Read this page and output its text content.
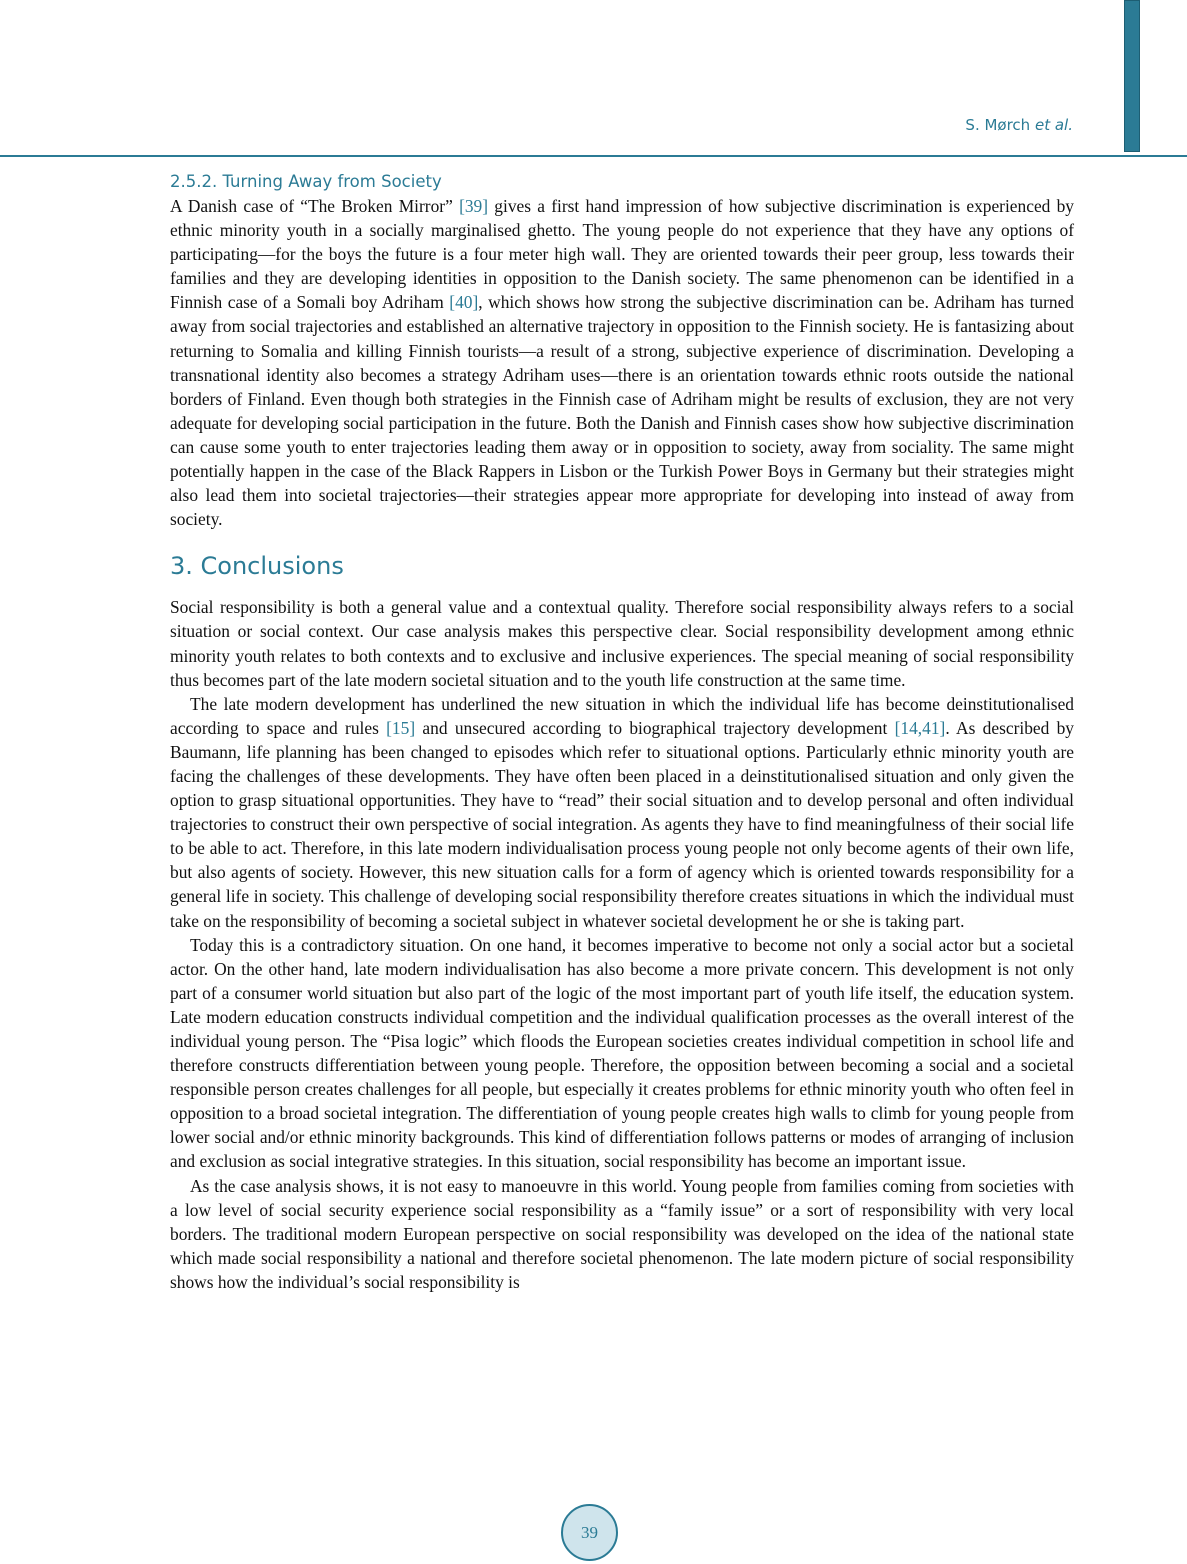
S. Mørch et al.
2.5.2. Turning Away from Society

A Danish case of “The Broken Mirror” [39] gives a first hand impression of how subjective discrimination is experienced by ethnic minority youth in a socially marginalised ghetto. The young people do not experience that they have any options of participating—for the boys the future is a four meter high wall. They are oriented towards their peer group, less towards their families and they are developing identities in opposition to the Danish society. The same phenomenon can be identified in a Finnish case of a Somali boy Adriham [40], which shows how strong the subjective discrimination can be. Adriham has turned away from social trajectories and established an alternative trajectory in opposition to the Finnish society. He is fantasizing about returning to Somalia and killing Finnish tourists—a result of a strong, subjective experience of discrimination. Developing a transnational identity also becomes a strategy Adriham uses—there is an orientation towards ethnic roots outside the national borders of Finland. Even though both strategies in the Finnish case of Adriham might be results of exclusion, they are not very adequate for developing social participation in the future. Both the Danish and Finnish cases show how subjective discrimination can cause some youth to enter trajectories leading them away or in opposition to society, away from sociality. The same might potentially happen in the case of the Black Rappers in Lisbon or the Turkish Power Boys in Germany but their strategies might also lead them into societal trajectories—their strategies appear more appropriate for developing into instead of away from society.

3. Conclusions

Social responsibility is both a general value and a contextual quality. Therefore social responsibility always refers to a social situation or social context. Our case analysis makes this perspective clear. Social responsibility development among ethnic minority youth relates to both contexts and to exclusive and inclusive experiences. The special meaning of social responsibility thus becomes part of the late modern societal situation and to the youth life construction at the same time.

The late modern development has underlined the new situation in which the individual life has become deinstitutionalised according to space and rules [15] and unsecured according to biographical trajectory development [14,41]. As described by Baumann, life planning has been changed to episodes which refer to situational options. Particularly ethnic minority youth are facing the challenges of these developments. They have often been placed in a deinstitutionalised situation and only given the option to grasp situational opportunities. They have to “read” their social situation and to develop personal and often individual trajectories to construct their own perspective of social integration. As agents they have to find meaningfulness of their social life to be able to act. Therefore, in this late modern individualisation process young people not only become agents of their own life, but also agents of society. However, this new situation calls for a form of agency which is oriented towards responsibility for a general life in society. This challenge of developing social responsibility therefore creates situations in which the individual must take on the responsibility of becoming a societal subject in whatever societal development he or she is taking part.

Today this is a contradictory situation. On one hand, it becomes imperative to become not only a social actor but a societal actor. On the other hand, late modern individualisation has also become a more private concern. This development is not only part of a consumer world situation but also part of the logic of the most important part of youth life itself, the education system. Late modern education constructs individual competition and the individual qualification processes as the overall interest of the individual young person. The “Pisa logic” which floods the European societies creates individual competition in school life and therefore constructs differentiation between young people. Therefore, the opposition between becoming a social and a societal responsible person creates challenges for all people, but especially it creates problems for ethnic minority youth who often feel in opposition to a broad societal integration. The differentiation of young people creates high walls to climb for young people from lower social and/or ethnic minority backgrounds. This kind of differentiation follows patterns or modes of arranging of inclusion and exclusion as social integrative strategies. In this situation, social responsibility has become an important issue.

As the case analysis shows, it is not easy to manoeuvre in this world. Young people from families coming from societies with a low level of social security experience social responsibility as a “family issue” or a sort of responsibility with very local borders. The traditional modern European perspective on social responsibility was developed on the idea of the national state which made social responsibility a national and therefore societal phenomenon. The late modern picture of social responsibility shows how the individual’s social responsibility is

39
